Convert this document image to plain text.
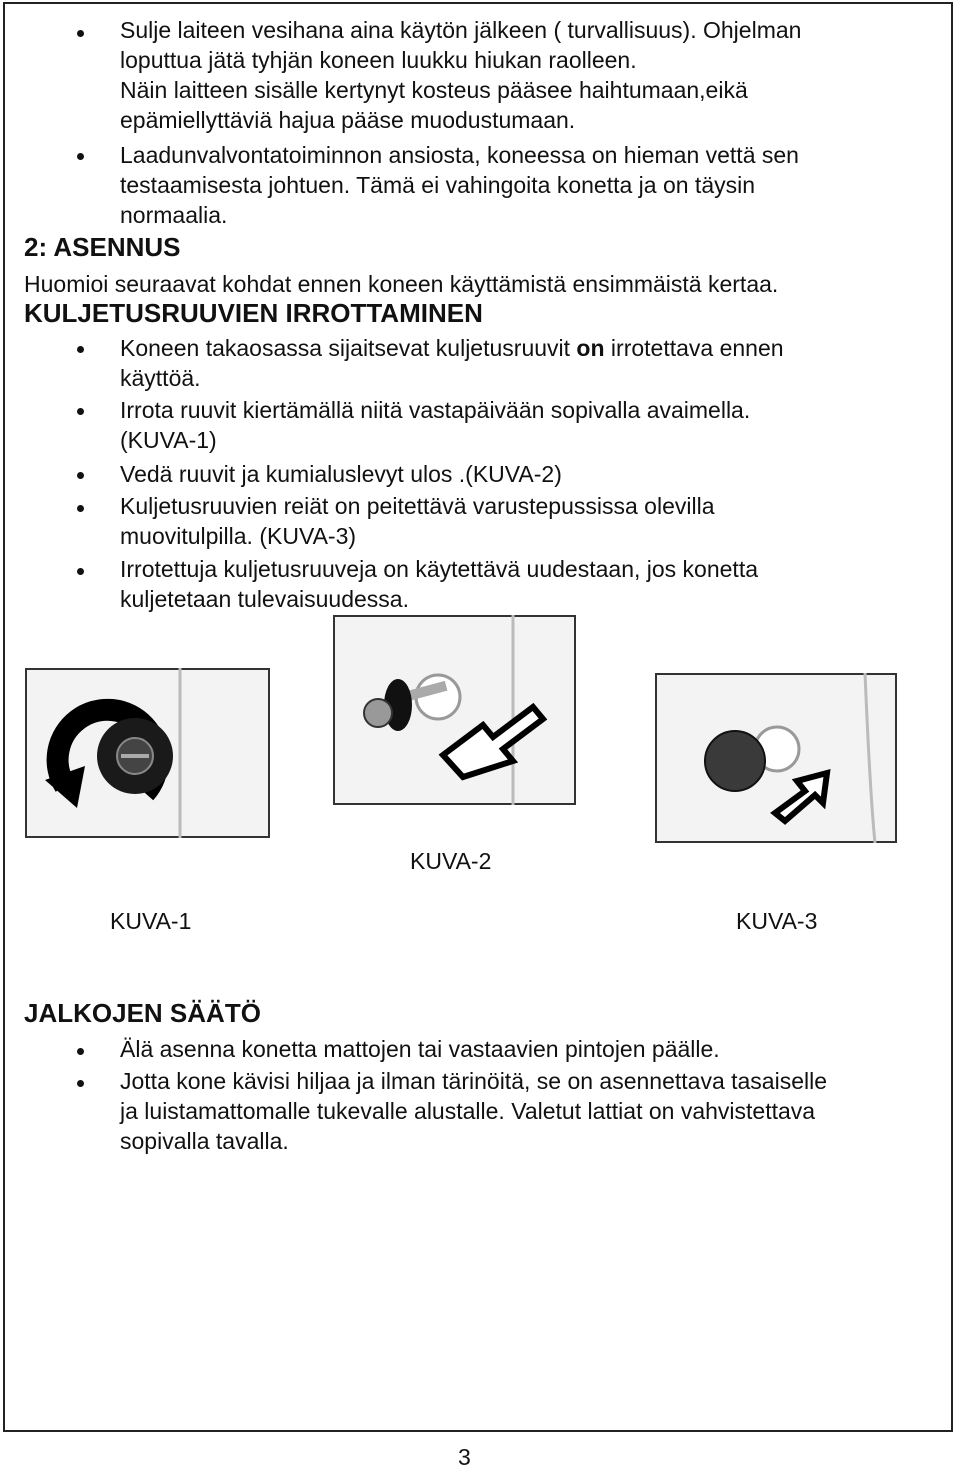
Sulje laiteen vesihana aina käytön jälkeen ( turvallisuus). Ohjelman
loputtua jätä tyhjän koneen luukku hiukan raolleen.
Näin laitteen sisälle kertynyt kosteus pääsee haihtumaan,eikä
epämiellyttäviä hajua pääse muodustumaan.
Laadunvalvontatoiminnon ansiosta, koneessa on hieman vettä sen
testaamisesta johtuen. Tämä ei vahingoita konetta ja on täysin
normaalia.
2: ASENNUS
Huomioi seuraavat kohdat ennen koneen käyttämistä ensimmäistä kertaa.
KULJETUSRUUVIEN IRROTTAMINEN
Koneen takaosassa sijaitsevat kuljetusruuvit on irrotettava ennen
käyttöä.
Irrota ruuvit kiertämällä niitä vastapäivään sopivalla avaimella.
(KUVA-1)
Vedä ruuvit ja kumialuslevyt ulos .(KUVA-2)
Kuljetusruuvien reiät on peitettävä varustepussissa olevilla
muovitulpilla. (KUVA-3)
Irrotettuja kuljetusruuveja on käytettävä uudestaan, jos konetta
kuljetetaan tulevaisuudessa.
KUVA-2
KUVA-1	KUVA-3
JALKOJEN SÄÄTÖ
Älä asenna konetta mattojen tai vastaavien pintojen päälle.
Jotta kone kävisi hiljaa ja ilman tärinöitä, se on asennettava tasaiselle
ja luistamattomalle tukevalle alustalle. Valetut lattiat on vahvistettava
sopivalla tavalla.
3
